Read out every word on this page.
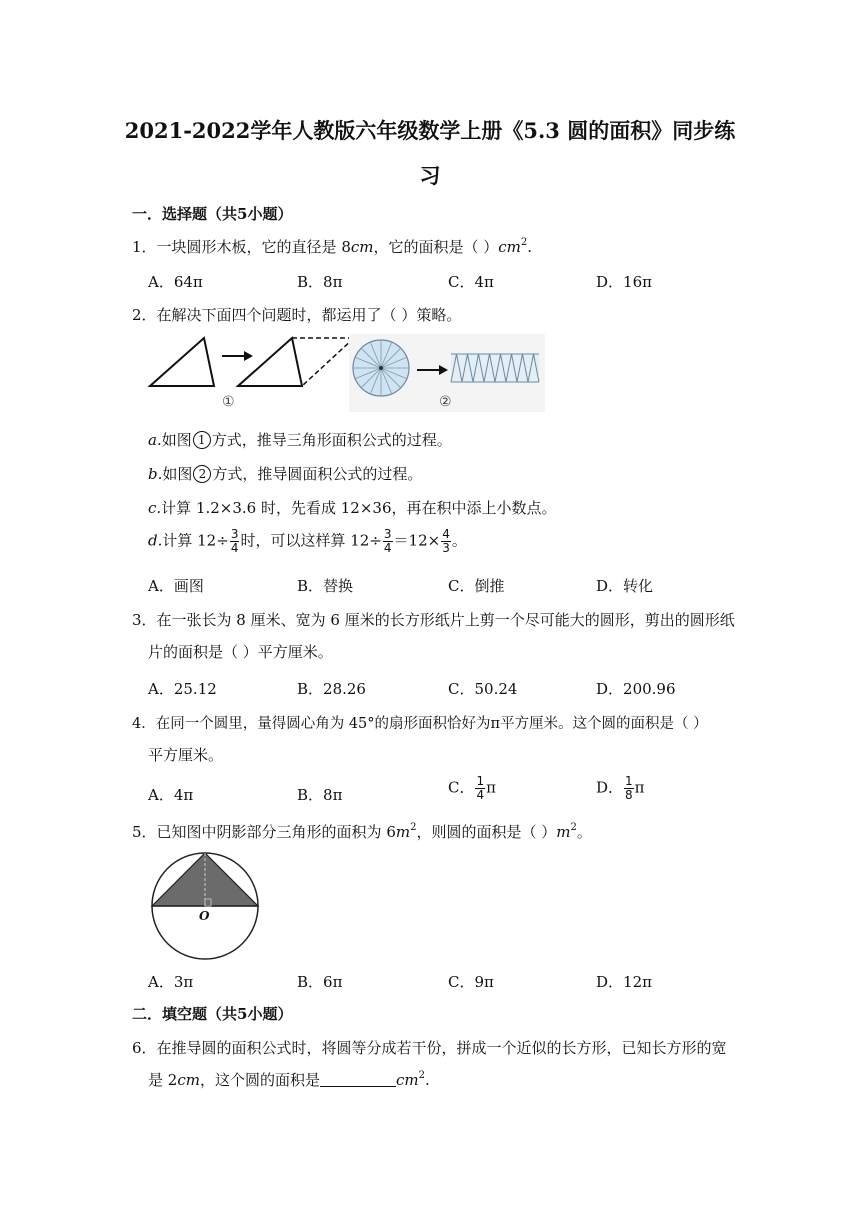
2021-2022学年人教版六年级数学上册《5.3 圆的面积》同步练
习
一．选择题（共5小题）
1．一块圆形木板，它的直径是 8cm，它的面积是（ ）$cm^2$.
A．64π	B．8π	C．4π	D．16π
2．在解决下面四个问题时，都运用了（ ）策略。
①	②
a.如图 1 方式，推导三角形面积公式的过程。
b.如图 2 方式，推导圆面积公式的过程。
c.计算 1.2×3.6 时，先看成 12×36，再在积中添上小数点。
d.计算 $12\div \frac{3}{4}$ 时，可以这样算 $12\div \frac{3}{4} =12\times \frac{4}{3}$ 。
A．画图	B．替换	C．倒推	D．转化
3．在一张长为 8 厘米、宽为 6 厘米的长方形纸片上剪一个尽可能大的圆形，剪出的圆形纸
片的面积是（ ）平方厘米。
A．25.12	B．28.26	C．50.24	D．200.96
4．在同一个圆里，量得圆心角为 45°的扇形面积恰好为π平方厘米。这个圆的面积是（ ）
平方厘米。
A．4π	B．8π	C． $\frac{1}{4}$ π	D． $\frac{1}{8}$ π
5．已知图中阴影部分三角形的面积为 $6m^2$，则圆的面积是（ ）$m^2$。
O
A．3π	B．6π	C．9π	D．12π
二．填空题（共5小题）
6．在推导圆的面积公式时，将圆等分成若干份，拼成一个近似的长方形，已知长方形的宽
是 2cm，这个圆的面积是	$cm^2$.
